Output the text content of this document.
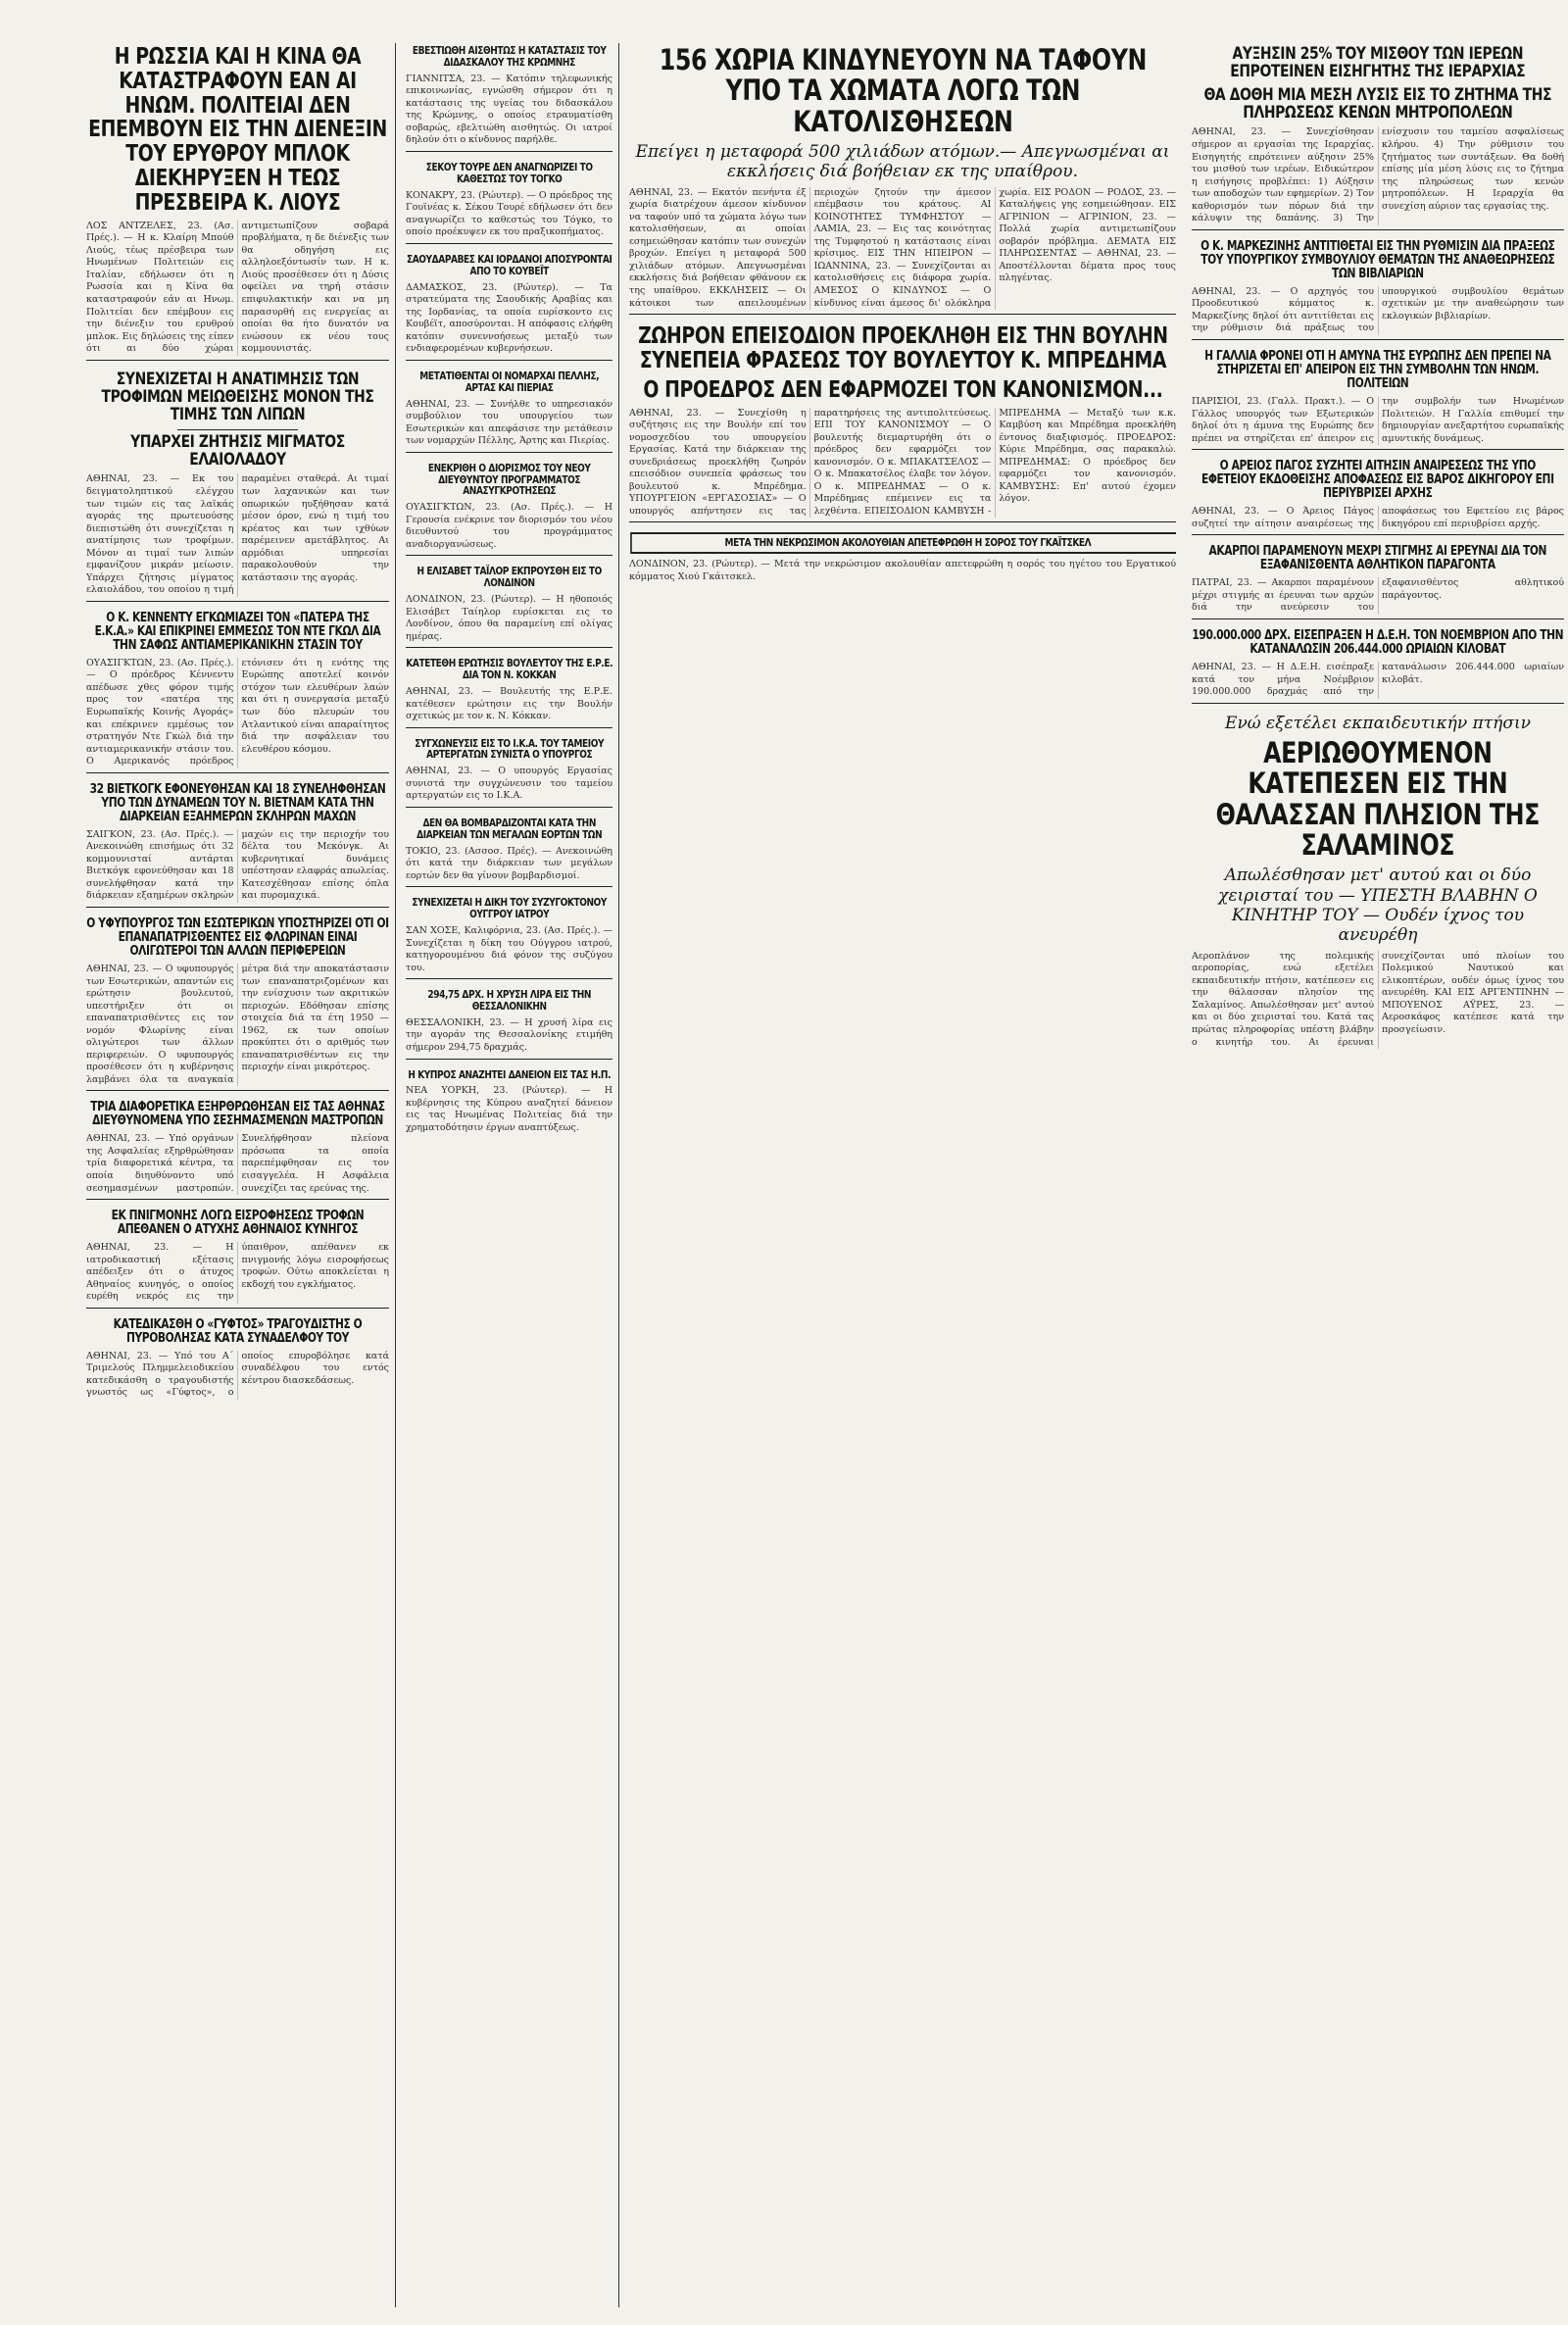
Η ΡΩΣΣΙΑ ΚΑΙ Η ΚΙΝΑ ΘΑ ΚΑΤΑΣΤΡΑΦΟΥΝ ΕΑΝ ΑΙ ΗΝΩΜ. ΠΟΛΙΤΕΙΑΙ ΔΕΝ ΕΠΕΜΒΟΥΝ ΕΙΣ ΤΗΝ ΔΙΕΝΕΞΙΝ ΤΟΥ ΕΡΥΘΡΟΥ ΜΠΛΟΚ ΔΙΕΚΗΡΥΞΕΝ Η ΤΕΩΣ ΠΡΕΣΒΕΙΡΑ Κ. ΛΙΟΥΣ
ΛΟΣ ΑΝΤΖΕΛΕΣ, 23. (Ασ. Πρές.). — Η κ. Κλαίρη Μπούθ Λιούς, τέως πρέσβειρα των Ηνωμένων Πολιτειών εις Ιταλίαν, εδήλωσεν ότι η Ρωσσία και η Κίνα θα καταστραφούν εάν αι Ηνωμ. Πολιτείαι δεν επέμβουν εις την διένεξιν του ερυθρού μπλοκ. Εις δηλώσεις της είπεν ότι αι δύο χώραι αντιμετωπίζουν σοβαρά προβλήματα, η δε διένεξις των θα οδηγήση εις αλληλοεξόντωσίν των. Η κ. Λιούς προσέθεσεν ότι η Δύσις οφείλει να τηρή στάσιν επιφυλακτικήν και να μη παρασυρθή εις ενεργείας αι οποίαι θα ήτο δυνατόν να ενώσουν εκ νέου τους κομμουνιστάς.
ΣΥΝΕΧΙΖΕΤΑΙ Η ΑΝΑΤΙΜΗΣΙΣ ΤΩΝ ΤΡΟΦΙΜΩΝ ΜΕΙΩΘΕΙΣΗΣ ΜΟΝΟΝ ΤΗΣ ΤΙΜΗΣ ΤΩΝ ΛΙΠΩΝ
ΥΠΑΡΧΕΙ ΖΗΤΗΣΙΣ ΜΙΓΜΑΤΟΣ ΕΛΑΙΟΛΑΔΟΥ
ΑΘΗΝΑΙ, 23. — Εκ του δειγματοληπτικού ελέγχου των τιμών εις τας λαϊκάς αγοράς της πρωτευούσης διεπιστώθη ότι συνεχίζεται η ανατίμησις των τροφίμων. Μόνον αι τιμαί των λιπών εμφανίζουν μικράν μείωσιν. Υπάρχει ζήτησις μίγματος ελαιολάδου, του οποίου η τιμή παραμένει σταθερά. Αι τιμαί των λαχανικών και των οπωρικών ηυξήθησαν κατά μέσον όρον, ενώ η τιμή του κρέατος και των ιχθύων παρέμεινεν αμετάβλητος. Αι αρμόδιαι υπηρεσίαι παρακολουθούν την κατάστασιν της αγοράς.
Ο Κ. ΚΕΝΝΕΝΤΥ ΕΓΚΩΜΙΑΖΕΙ ΤΟΝ «ΠΑΤΕΡΑ ΤΗΣ Ε.Κ.Α.» ΚΑΙ ΕΠΙΚΡΙΝΕΙ ΕΜΜΕΣΩΣ ΤΟΝ ΝΤΕ ΓΚΩΛ ΔΙΑ ΤΗΝ ΣΑΦΩΣ ΑΝΤΙΑΜΕΡΙΚΑΝΙΚΗΝ ΣΤΑΣΙΝ ΤΟΥ
ΟΥΑΣΙΓΚΤΩΝ, 23. (Ασ. Πρές.). — Ο πρόεδρος Κέννεντυ απέδωσε χθες φόρον τιμής προς τον «πατέρα της Ευρωπαϊκής Κοινής Αγοράς» και επέκρινεν εμμέσως τον στρατηγόν Ντε Γκώλ διά την αντιαμερικανικήν στάσιν του. Ο Αμερικανός πρόεδρος ετόνισεν ότι η ενότης της Ευρώπης αποτελεί κοινόν στόχον των ελευθέρων λαών και ότι η συνεργασία μεταξύ των δύο πλευρών του Ατλαντικού είναι απαραίτητος διά την ασφάλειαν του ελευθέρου κόσμου.
32 ΒΙΕΤΚΟΓΚ ΕΦΟΝΕΥΘΗΣΑΝ ΚΑΙ 18 ΣΥΝΕΛΗΦΘΗΣΑΝ ΥΠΟ ΤΩΝ ΔΥΝΑΜΕΩΝ ΤΟΥ Ν. ΒΙΕΤΝΑΜ ΚΑΤΑ ΤΗΝ ΔΙΑΡΚΕΙΑΝ ΕΞΑΗΜΕΡΩΝ ΣΚΛΗΡΩΝ ΜΑΧΩΝ
ΣΑΙΓΚΟΝ, 23. (Ασ. Πρές.). — Ανεκοινώθη επισήμως ότι 32 κομμουνισταί αντάρται Βιετκόγκ εφονεύθησαν και 18 συνελήφθησαν κατά την διάρκειαν εξαημέρων σκληρών μαχών εις την περιοχήν του δέλτα του Μεκόνγκ. Αι κυβερνητικαί δυνάμεις υπέστησαν ελαφράς απωλείας. Κατεσχέθησαν επίσης όπλα και πυρομαχικά.
Ο ΥΦΥΠΟΥΡΓΟΣ ΤΩΝ ΕΣΩΤΕΡΙΚΩΝ ΥΠΟΣΤΗΡΙΖΕΙ ΟΤΙ ΟΙ ΕΠΑΝΑΠΑΤΡΙΣΘΕΝΤΕΣ ΕΙΣ ΦΛΩΡΙΝΑΝ ΕΙΝΑΙ ΟΛΙΓΩΤΕΡΟΙ ΤΩΝ ΑΛΛΩΝ ΠΕΡΙΦΕΡΕΙΩΝ
ΑΘΗΝΑΙ, 23. — Ο υφυπουργός των Εσωτερικών, απαντών εις ερώτησιν βουλευτού, υπεστήριξεν ότι οι επαναπατρισθέντες εις τον νομόν Φλωρίνης είναι ολιγώτεροι των άλλων περιφερειών. Ο υφυπουργός προσέθεσεν ότι η κυβέρνησις λαμβάνει όλα τα αναγκαία μέτρα διά την αποκατάστασιν των επαναπατριζομένων και την ενίσχυσιν των ακριτικών περιοχών. Εδόθησαν επίσης στοιχεία διά τα έτη 1950 — 1962, εκ των οποίων προκύπτει ότι ο αριθμός των επαναπατρισθέντων εις την περιοχήν είναι μικρότερος.
ΤΡΙΑ ΔΙΑΦΟΡΕΤΙΚΑ ΕΞΗΡΘΡΩΘΗΣΑΝ ΕΙΣ ΤΑΣ ΑΘΗΝΑΣ ΔΙΕΥΘΥΝΟΜΕΝΑ ΥΠΟ ΣΕΣΗΜΑΣΜΕΝΩΝ ΜΑΣΤΡΟΠΩΝ
ΑΘΗΝΑΙ, 23. — Υπό οργάνων της Ασφαλείας εξηρθρώθησαν τρία διαφορετικά κέντρα, τα οποία διηυθύνοντο υπό σεσημασμένων μαστροπών. Συνελήφθησαν πλείονα πρόσωπα τα οποία παρεπέμφθησαν εις τον εισαγγελέα. Η Ασφάλεια συνεχίζει τας ερεύνας της.
ΕΚ ΠΝΙΓΜΟΝΗΣ ΛΟΓΩ ΕΙΣΡΟΦΗΣΕΩΣ ΤΡΟΦΩΝ ΑΠΕΘΑΝΕΝ Ο ΑΤΥΧΗΣ ΑΘΗΝΑΙΟΣ ΚΥΝΗΓΟΣ
ΑΘΗΝΑΙ, 23. — Η ιατροδικαστική εξέτασις απέδειξεν ότι ο άτυχος Αθηναίος κυνηγός, ο οποίος ευρέθη νεκρός εις την ύπαιθρον, απέθανεν εκ πνιγμονής λόγω εισροφήσεως τροφών. Ούτω αποκλείεται η εκδοχή του εγκλήματος.
ΚΑΤΕΔΙΚΑΣΘΗ Ο «ΓΥΦΤΟΣ» ΤΡΑΓΟΥΔΙΣΤΗΣ Ο ΠΥΡΟΒΟΛΗΣΑΣ ΚΑΤΑ ΣΥΝΑΔΕΛΦΟΥ ΤΟΥ
ΑΘΗΝΑΙ, 23. — Υπό του Α΄ Τριμελούς Πλημμελειοδικείου κατεδικάσθη ο τραγουδιστής γνωστός ως «Γύφτος», ο οποίος επυροβόλησε κατά συναδέλφου του εντός κέντρου διασκεδάσεως.
ΕΒΕΣΤΙΩΘΗ ΑΙΣΘΗΤΩΣ Η ΚΑΤΑΣΤΑΣΙΣ ΤΟΥ ΔΙΔΑΣΚΑΛΟΥ ΤΗΣ ΚΡΩΜΝΗΣ
ΓΙΑΝΝΙΤΣΑ, 23. — Κατόπιν τηλεφωνικής επικοινωνίας, εγνώσθη σήμερον ότι η κατάστασις της υγείας του διδασκάλου της Κρώμνης, ο οποίος ετραυματίσθη σοβαρώς, εβελτιώθη αισθητώς. Οι ιατροί δηλούν ότι ο κίνδυνος παρήλθε.
ΣΕΚΟΥ ΤΟΥΡΕ ΔΕΝ ΑΝΑΓΝΩΡΙΖΕΙ ΤΟ ΚΑΘΕΣΤΩΣ ΤΟΥ ΤΟΓΚΟ
ΚΟΝΑΚΡΥ, 23. (Ρώυτερ). — Ο πρόεδρος της Γουϊνέας κ. Σέκου Τουρέ εδήλωσεν ότι δεν αναγνωρίζει το καθεστώς του Τόγκο, το οποίο προέκυψεν εκ του πραξικοπήματος.
ΣΑΟΥΔΑΡΑΒΕΣ ΚΑΙ ΙΟΡΔΑΝΟΙ ΑΠΟΣΥΡΟΝΤΑΙ ΑΠΟ ΤΟ ΚΟΥΒΕΪΤ
ΔΑΜΑΣΚΟΣ, 23. (Ρώυτερ). — Τα στρατεύματα της Σαουδικής Αραβίας και της Ιορδανίας, τα οποία ευρίσκοντο εις Κουβέϊτ, αποσύρονται. Η απόφασις ελήφθη κατόπιν συνεννοήσεως μεταξύ των ενδιαφερομένων κυβερνήσεων.
ΜΕΤΑΤΙΘΕΝΤΑΙ ΟΙ ΝΟΜΑΡΧΑΙ ΠΕΛΛΗΣ, ΑΡΤΑΣ ΚΑΙ ΠΙΕΡΙΑΣ
ΑΘΗΝΑΙ, 23. — Συνήλθε το υπηρεσιακόν συμβούλιον του υπουργείου των Εσωτερικών και απεφάσισε την μετάθεσιν των νομαρχών Πέλλης, Άρτης και Πιερίας.
ΕΝΕΚΡΙΘΗ Ο ΔΙΟΡΙΣΜΟΣ ΤΟΥ ΝΕΟΥ ΔΙΕΥΘΥΝΤΟΥ ΠΡΟΓΡΑΜΜΑΤΟΣ ΑΝΑΣΥΓΚΡΟΤΗΣΕΩΣ
ΟΥΑΣΙΓΚΤΩΝ, 23. (Ασ. Πρές.). — Η Γερουσία ενέκρινε τον διορισμόν του νέου διευθυντού του προγράμματος αναδιοργανώσεως.
Η ΕΛΙΣΑΒΕΤ ΤΑΪΛΟΡ ΕΚΠΡΟΥΣΘΗ ΕΙΣ ΤΟ ΛΟΝΔΙΝΟΝ
ΛΟΝΔΙΝΟΝ, 23. (Ρώυτερ). — Η ηθοποιός Ελισάβετ Ταίηλορ ευρίσκεται εις το Λονδίνον, όπου θα παραμείνη επί ολίγας ημέρας.
ΚΑΤΕΤΕΘΗ ΕΡΩΤΗΣΙΣ ΒΟΥΛΕΥΤΟΥ ΤΗΣ Ε.Ρ.Ε. ΔΙΑ ΤΟΝ Ν. ΚΟΚΚΑΝ
ΑΘΗΝΑΙ, 23. — Βουλευτής της Ε.Ρ.Ε. κατέθεσεν ερώτησιν εις την Βουλήν σχετικώς με τον κ. Ν. Κόκκαν.
ΣΥΓΧΩΝΕΥΣΙΣ ΕΙΣ ΤΟ Ι.Κ.Α. ΤΟΥ ΤΑΜΕΙΟΥ ΑΡΤΕΡΓΑΤΩΝ ΣΥΝΙΣΤΑ Ο ΥΠΟΥΡΓΟΣ
ΑΘΗΝΑΙ, 23. — Ο υπουργός Εργασίας συνιστά την συγχώνευσιν του ταμείου αρτεργατών εις το Ι.Κ.Α.
ΔΕΝ ΘΑ ΒΟΜΒΑΡΔΙΖΟΝΤΑΙ ΚΑΤΑ ΤΗΝ ΔΙΑΡΚΕΙΑΝ ΤΩΝ ΜΕΓΑΛΩΝ ΕΟΡΤΩΝ ΤΩΝ
ΤΟΚΙΟ, 23. (Ασσοσ. Πρές). — Ανεκοινώθη ότι κατά την διάρκειαν των μεγάλων εορτών δεν θα γίνουν βομβαρδισμοί.
ΣΥΝΕΧΙΖΕΤΑΙ Η ΔΙΚΗ ΤΟΥ ΣΥΖΥΓΟΚΤΟΝΟΥ ΟΥΓΓΡΟΥ ΙΑΤΡΟΥ
ΣΑΝ ΧΟΣΕ, Καλιφόρνια, 23. (Ασ. Πρές.). — Συνεχίζεται η δίκη του Ούγγρου ιατρού, κατηγορουμένου διά φόνον της συζύγου του.
294,75 ΔΡΧ. Η ΧΡΥΣΗ ΛΙΡΑ ΕΙΣ ΤΗΝ ΘΕΣΣΑΛΟΝΙΚΗΝ
ΘΕΣΣΑΛΟΝΙΚΗ, 23. — Η χρυσή λίρα εις την αγοράν της Θεσσαλονίκης ετιμήθη σήμερον 294,75 δραχμάς.
Η ΚΥΠΡΟΣ ΑΝΑΖΗΤΕΙ ΔΑΝΕΙΟΝ ΕΙΣ ΤΑΣ Η.Π.
ΝΕΑ ΥΟΡΚΗ, 23. (Ρώυτερ). — Η κυβέρνησις της Κύπρου αναζητεί δάνειον εις τας Ηνωμένας Πολιτείας διά την χρηματοδότησιν έργων αναπτύξεως.
156 ΧΩΡΙΑ ΚΙΝΔΥΝΕΥΟΥΝ ΝΑ ΤΑΦΟΥΝ ΥΠΟ ΤΑ ΧΩΜΑΤΑ ΛΟΓΩ ΤΩΝ ΚΑΤΟΛΙΣΘΗΣΕΩΝ
Επείγει η μεταφορά 500 χιλιάδων ατόμων.— Απεγνωσμέναι αι εκκλήσεις διά βοήθειαν εκ της υπαίθρου.
ΑΘΗΝΑΙ, 23. — Εκατόν πενήντα έξ χωρία διατρέχουν άμεσον κίνδυνον να ταφούν υπό τα χώματα λόγω των κατολισθήσεων, αι οποίαι εσημειώθησαν κατόπιν των συνεχών βροχών. Επείγει η μεταφορά 500 χιλιάδων ατόμων. Απεγνωσμέναι εκκλήσεις διά βοήθειαν φθάνουν εκ της υπαίθρου. ΕΚΚΛΗΣΕΙΣ — Οι κάτοικοι των απειλουμένων περιοχών ζητούν την άμεσον επέμβασιν του κράτους. ΑΙ ΚΟΙΝΟΤΗΤΕΣ ΤΥΜΦΗΣΤΟΥ — ΛΑΜΙΑ, 23. — Εις τας κοινότητας της Τυμφηστού η κατάστασις είναι κρίσιμος. ΕΙΣ ΤΗΝ ΗΠΕΙΡΟΝ — ΙΩΑΝΝΙΝΑ, 23. — Συνεχίζονται αι κατολισθήσεις εις διάφορα χωρία. ΑΜΕΣΟΣ Ο ΚΙΝΔΥΝΟΣ — Ο κίνδυνος είναι άμεσος δι' ολόκληρα χωρία. ΕΙΣ ΡΟΔΟΝ — ΡΟΔΟΣ, 23. — Καταλήψεις γης εσημειώθησαν. ΕΙΣ ΑΓΡΙΝΙΟΝ — ΑΓΡΙΝΙΟΝ, 23. — Πολλά χωρία αντιμετωπίζουν σοβαρόν πρόβλημα. ΔΕΜΑΤΑ ΕΙΣ ΠΛΗΡΩΣΕΝΤΑΣ — ΑΘΗΝΑΙ, 23. — Αποστέλλονται δέματα προς τους πληγέντας.
ΖΩΗΡΟΝ ΕΠΕΙΣΟΔΙΟΝ ΠΡΟΕΚΛΗΘΗ ΕΙΣ ΤΗΝ ΒΟΥΛΗΝ ΣΥΝΕΠΕΙΑ ΦΡΑΣΕΩΣ ΤΟΥ ΒΟΥΛΕΥΤΟΥ Κ. ΜΠΡΕΔΗΜΑ
Ο ΠΡΟΕΔΡΟΣ ΔΕΝ ΕΦΑΡΜΟΖΕΙ ΤΟΝ ΚΑΝΟΝΙΣΜΟΝ...
ΑΘΗΝΑΙ, 23. — Συνεχίσθη η συζήτησις εις την Βουλήν επί του νομοσχεδίου του υπουργείου Εργασίας. Κατά την διάρκειαν της συνεδριάσεως προεκλήθη ζωηρόν επεισόδιον συνεπεία φράσεως του βουλευτού κ. Μπρέδημα. ΥΠΟΥΡΓΕΙΟΝ «ΕΡΓΑΣΟΣΙΑΣ» — Ο υπουργός απήντησεν εις τας παρατηρήσεις της αντιπολιτεύσεως. ΕΠΙ ΤΟΥ ΚΑΝΟΝΙΣΜΟΥ — Ο βουλευτής διεμαρτυρήθη ότι ο πρόεδρος δεν εφαρμόζει τον κανονισμόν. Ο κ. ΜΠΑΚΑΤΣΕΛΟΣ — Ο κ. Μπακατσέλος έλαβε τον λόγον. Ο κ. ΜΠΡΕΔΗΜΑΣ — Ο κ. Μπρέδημας επέμεινεν εις τα λεχθέντα. ΕΠΕΙΣΟΔΙΟΝ ΚΑΜΒΥΣΗ - ΜΠΡΕΔΗΜΑ — Μεταξύ των κ.κ. Καμβύση και Μπρέδημα προεκλήθη έντονος διαξιφισμός. ΠΡΟΕΔΡΟΣ: Κύριε Μπρέδημα, σας παρακαλώ. ΜΠΡΕΔΗΜΑΣ: Ο πρόεδρος δεν εφαρμόζει τον κανονισμόν. ΚΑΜΒΥΣΗΣ: Επ' αυτού έχομεν λόγον.
ΜΕΤΑ ΤΗΝ ΝΕΚΡΩΣΙΜΟΝ ΑΚΟΛΟΥΘΙΑΝ ΑΠΕΤΕΦΡΩΘΗ Η ΣΟΡΟΣ ΤΟΥ ΓΚΑΪΤΣΚΕΛ
ΛΟΝΔΙΝΟΝ, 23. (Ρώυτερ). — Μετά την νεκρώσιμον ακολουθίαν απετεφρώθη η σορός του ηγέτου του Εργατικού κόμματος Χιού Γκάιτσκελ.
ΑΥΞΗΣΙΝ 25% ΤΟΥ ΜΙΣΘΟΥ ΤΩΝ ΙΕΡΕΩΝ ΕΠΡΟΤΕΙΝΕΝ ΕΙΣΗΓΗΤΗΣ ΤΗΣ ΙΕΡΑΡΧΙΑΣ
ΘΑ ΔΟΘΗ ΜΙΑ ΜΕΣΗ ΛΥΣΙΣ ΕΙΣ ΤΟ ΖΗΤΗΜΑ ΤΗΣ ΠΛΗΡΩΣΕΩΣ ΚΕΝΩΝ ΜΗΤΡΟΠΟΛΕΩΝ
ΑΘΗΝΑΙ, 23. — Συνεχίσθησαν σήμερον αι εργασίαι της Ιεραρχίας. Εισηγητής επρότεινεν αύξησιν 25% του μισθού των ιερέων. Ειδικώτερον η εισήγησις προβλέπει: 1) Αύξησιν των αποδοχών των εφημερίων. 2) Τον καθορισμόν των πόρων διά την κάλυψιν της δαπάνης. 3) Την ενίσχυσιν του ταμείου ασφαλίσεως κλήρου. 4) Την ρύθμισιν του ζητήματος των συντάξεων. Θα δοθή επίσης μία μέση λύσις εις το ζήτημα της πληρώσεως των κενών μητροπόλεων. Η Ιεραρχία θα συνεχίση αύριον τας εργασίας της.
Ο Κ. ΜΑΡΚΕΖΙΝΗΣ ΑΝΤΙΤΙΘΕΤΑΙ ΕΙΣ ΤΗΝ ΡΥΘΜΙΣΙΝ ΔΙΑ ΠΡΑΞΕΩΣ ΤΟΥ ΥΠΟΥΡΓΙΚΟΥ ΣΥΜΒΟΥΛΙΟΥ ΘΕΜΑΤΩΝ ΤΗΣ ΑΝΑΘΕΩΡΗΣΕΩΣ ΤΩΝ ΒΙΒΛΙΑΡΙΩΝ
ΑΘΗΝΑΙ, 23. — Ο αρχηγός του Προοδευτικού κόμματος κ. Μαρκεζίνης δηλοί ότι αντιτίθεται εις την ρύθμισιν διά πράξεως του υπουργικού συμβουλίου θεμάτων σχετικών με την αναθεώρησιν των εκλογικών βιβλιαρίων.
Η ΓΑΛΛΙΑ ΦΡΟΝΕΙ ΟΤΙ Η ΑΜΥΝΑ ΤΗΣ ΕΥΡΩΠΗΣ ΔΕΝ ΠΡΕΠΕΙ ΝΑ ΣΤΗΡΙΖΕΤΑΙ ΕΠ' ΑΠΕΙΡΟΝ ΕΙΣ ΤΗΝ ΣΥΜΒΟΛΗΝ ΤΩΝ ΗΝΩΜ. ΠΟΛΙΤΕΙΩΝ
ΠΑΡΙΣΙΟΙ, 23. (Γαλλ. Πρακτ.). — Ο Γάλλος υπουργός των Εξωτερικών δηλοί ότι η άμυνα της Ευρώπης δεν πρέπει να στηρίζεται επ' άπειρον εις την συμβολήν των Ηνωμένων Πολιτειών. Η Γαλλία επιθυμεί την δημιουργίαν ανεξαρτήτου ευρωπαϊκής αμυντικής δυνάμεως.
Ο ΑΡΕΙΟΣ ΠΑΓΟΣ ΣΥΖΗΤΕΙ ΑΙΤΗΣΙΝ ΑΝΑΙΡΕΣΕΩΣ ΤΗΣ ΥΠΟ ΕΦΕΤΕΙΟΥ ΕΚΔΟΘΕΙΣΗΣ ΑΠΟΦΑΣΕΩΣ ΕΙΣ ΒΑΡΟΣ ΔΙΚΗΓΟΡΟΥ ΕΠΙ ΠΕΡΙΥΒΡΙΣΕΙ ΑΡΧΗΣ
ΑΘΗΝΑΙ, 23. — Ο Άρειος Πάγος συζητεί την αίτησιν αναιρέσεως της αποφάσεως του Εφετείου εις βάρος δικηγόρου επί περιυβρίσει αρχής.
ΑΚΑΡΠΟΙ ΠΑΡΑΜΕΝΟΥΝ ΜΕΧΡΙ ΣΤΙΓΜΗΣ ΑΙ ΕΡΕΥΝΑΙ ΔΙΑ ΤΟΝ ΕΞΑΦΑΝΙΣΘΕΝΤΑ ΑΘΛΗΤΙΚΟΝ ΠΑΡΑΓΟΝΤΑ
ΠΑΤΡΑΙ, 23. — Ακαρποι παραμένουν μέχρι στιγμής αι έρευναι των αρχών διά την ανεύρεσιν του εξαφανισθέντος αθλητικού παράγοντος.
190.000.000 ΔΡΧ. ΕΙΣΕΠΡΑΞΕΝ Η Δ.Ε.Η. ΤΟΝ ΝΟΕΜΒΡΙΟΝ ΑΠΟ ΤΗΝ ΚΑΤΑΝΑΛΩΣΙΝ 206.444.000 ΩΡΙΑΙΩΝ ΚΙΛΟΒΑΤ
ΑΘΗΝΑΙ, 23. — Η Δ.Ε.Η. εισέπραξε κατά τον μήνα Νοέμβριον 190.000.000 δραχμάς από την κατανάλωσιν 206.444.000 ωριαίων κιλοβάτ.
Ενώ εξετέλει εκπαιδευτικήν πτήσιν
ΑΕΡΙΩΘΟΥΜΕΝΟΝ ΚΑΤΕΠΕΣΕΝ ΕΙΣ ΤΗΝ ΘΑΛΑΣΣΑΝ ΠΛΗΣΙΟΝ ΤΗΣ ΣΑΛΑΜΙΝΟΣ
Απωλέσθησαν μετ' αυτού και οι δύο χειρισταί του — ΥΠΕΣΤΗ ΒΛΑΒΗΝ Ο ΚΙΝΗΤΗΡ ΤΟΥ — Ουδέν ίχνος του ανευρέθη
Αεροπλάνον της πολεμικής αεροπορίας, ενώ εξετέλει εκπαιδευτικήν πτήσιν, κατέπεσεν εις την θάλασσαν πλησίον της Σαλαμίνος. Απωλέσθησαν μετ' αυτού και οι δύο χειρισταί του. Κατά τας πρώτας πληροφορίας υπέστη βλάβην ο κινητήρ του. Αι έρευναι συνεχίζονται υπό πλοίων του Πολεμικού Ναυτικού και ελικοπτέρων, ουδέν όμως ίχνος του ανευρέθη. ΚΑΙ ΕΙΣ ΑΡΓΕΝΤΙΝΗΝ — ΜΠΟΥΕΝΟΣ ΑΫΡΕΣ, 23. — Αεροσκάφος κατέπεσε κατά την προσγείωσιν.
